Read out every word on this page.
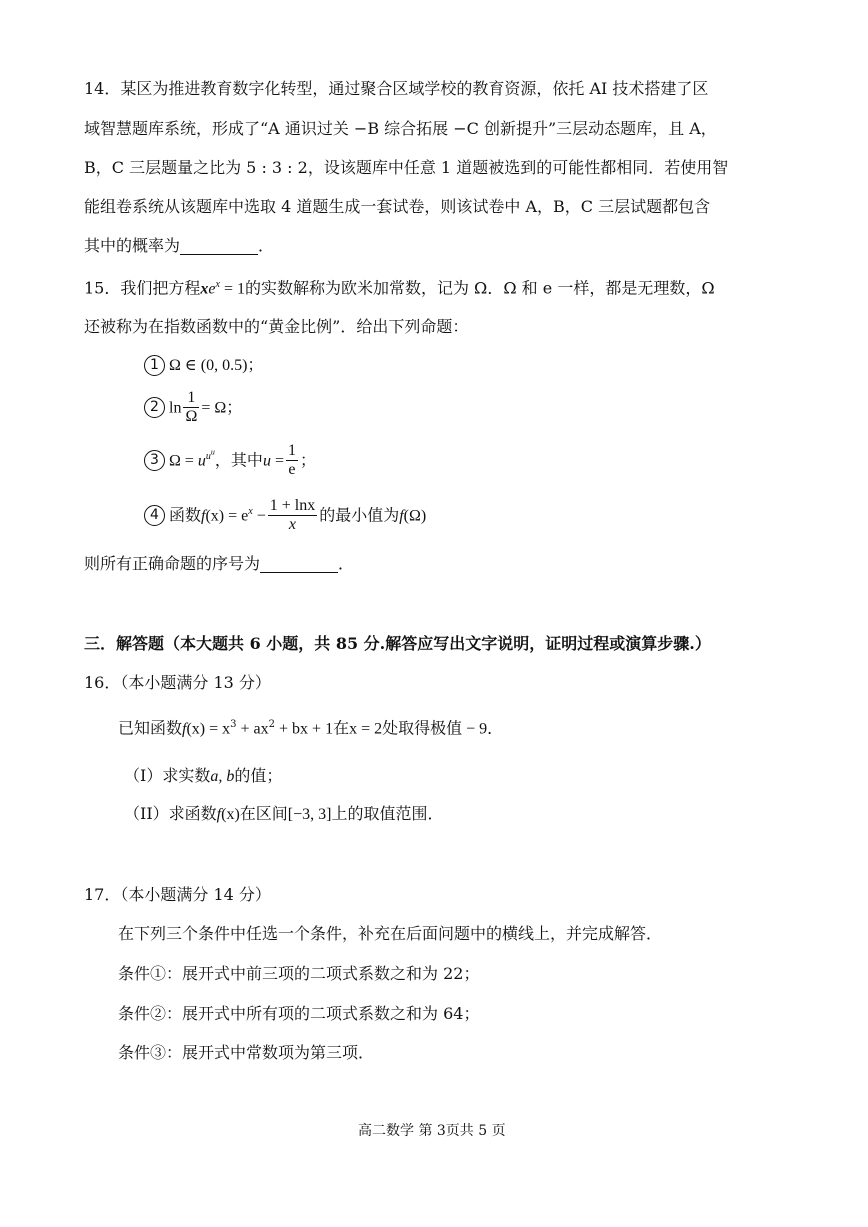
14．某区为推进教育数字化转型，通过聚合区域学校的教育资源，依托 AI 技术搭建了区
域智慧题库系统，形成了“A 通识过关 −B 综合拓展 −C 创新提升”三层动态题库，且 A，
B，C 三层题量之比为 5 : 3 : 2，设该题库中任意 1 道题被选到的可能性都相同．若使用智
能组卷系统从该题库中选取 4 道题生成一套试卷，则该试卷中 A，B，C 三层试题都包含
其中的概率为	．
15．我们把方程$xe^x = 1$的实数解称为欧米加常数，记为 Ω．Ω 和 e 一样，都是无理数，Ω
还被称为在指数函数中的“黄金比例”．给出下列命题：
1 Ω ∈ (0, 0.5)；
2 $\ln \frac{1}{\Omega} = \Omega$；
3 $\Omega = u^{u^u}$，其中$u = \frac{1}{e}$ ；
4 函数$f(x) = e^x - \frac{1 + \ln x}{x}$ 的最小值为f(Ω)
则所有正确命题的序号为	．
三．解答题（本大题共 6 小题，共 85 分.解答应写出文字说明，证明过程或演算步骤.）
16．（本小题满分 13 分）
已知函数$f(x) = x^3 + ax^2$ + bx + 1在x = 2处取得极值 − 9．
（I）求实数a, b的值；
（II）求函数f(x)在区间[−3, 3]上的取值范围．
17．（本小题满分 14 分）
在下列三个条件中任选一个条件，补充在后面问题中的横线上，并完成解答．
条件①：展开式中前三项的二项式系数之和为 22；
条件②：展开式中所有项的二项式系数之和为 64；
条件③：展开式中常数项为第三项．
高二数学 第 3页共 5 页
